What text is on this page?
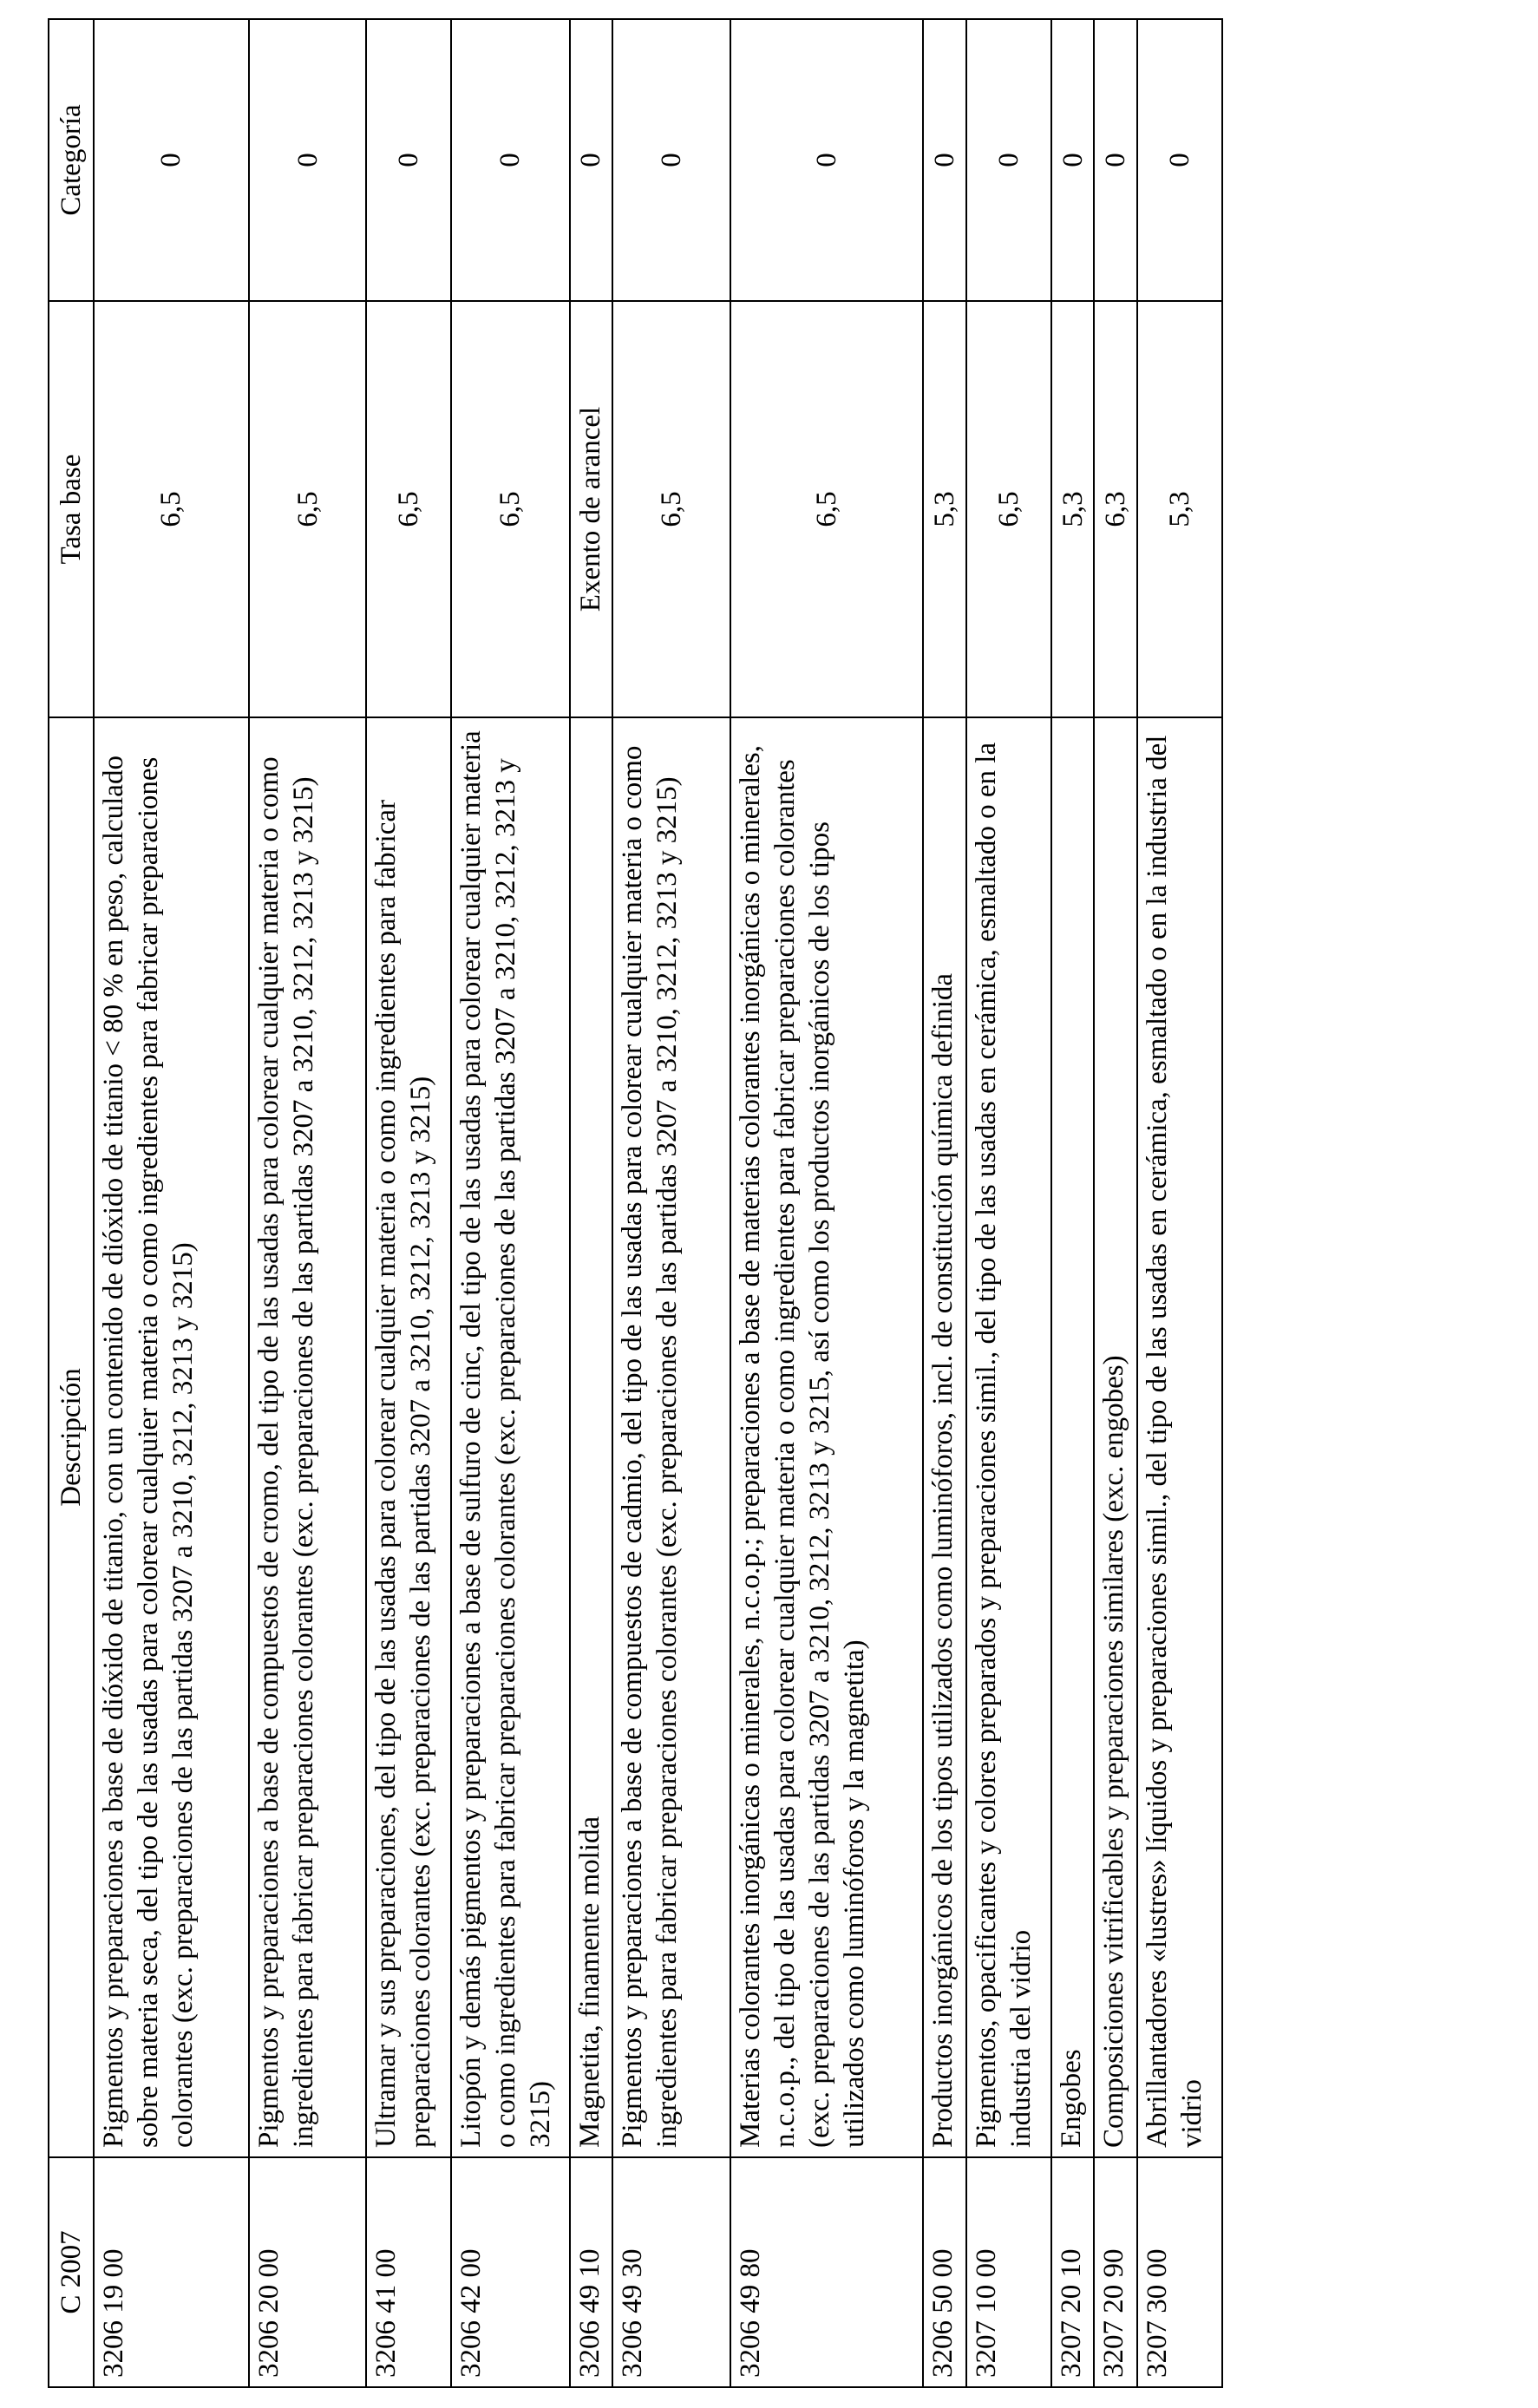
C 2007	Descripción	Tasa base	Categoría
3206 19 00	Pigmentos y preparaciones a base de dióxido de titanio, con un contenido de dióxido de titanio < 80 % en peso, calculado sobre materia seca, del tipo de las usadas para colorear cualquier materia o como ingredientes para fabricar preparaciones colorantes (exc. preparaciones de las partidas 3207 a 3210, 3212, 3213 y 3215)	6,5	0
3206 20 00	Pigmentos y preparaciones a base de compuestos de cromo, del tipo de las usadas para colorear cualquier materia o como ingredientes para fabricar preparaciones colorantes (exc. preparaciones de las partidas 3207 a 3210, 3212, 3213 y 3215)	6,5	0
3206 41 00	Ultramar y sus preparaciones, del tipo de las usadas para colorear cualquier materia o como ingredientes para fabricar preparaciones colorantes (exc. preparaciones de las partidas 3207 a 3210, 3212, 3213 y 3215)	6,5	0
3206 42 00	Litopón y demás pigmentos y preparaciones a base de sulfuro de cinc, del tipo de las usadas para colorear cualquier materia o como ingredientes para fabricar preparaciones colorantes (exc. preparaciones de las partidas 3207 a 3210, 3212, 3213 y 3215)	6,5	0
3206 49 10	Magnetita, finamente molida	Exento de arancel	0
3206 49 30	Pigmentos y preparaciones a base de compuestos de cadmio, del tipo de las usadas para colorear cualquier materia o como ingredientes para fabricar preparaciones colorantes (exc. preparaciones de las partidas 3207 a 3210, 3212, 3213 y 3215)	6,5	0
3206 49 80	Materias colorantes inorgánicas o minerales, n.c.o.p.; preparaciones a base de materias colorantes inorgánicas o minerales, n.c.o.p., del tipo de las usadas para colorear cualquier materia o como ingredientes para fabricar preparaciones colorantes (exc. preparaciones de las partidas 3207 a 3210, 3212, 3213 y 3215, así como los productos inorgánicos de los tipos utilizados como luminóforos y la magnetita)	6,5	0
3206 50 00	Productos inorgánicos de los tipos utilizados como luminóforos, incl. de constitución química definida	5,3	0
3207 10 00	Pigmentos, opacificantes y colores preparados y preparaciones simil., del tipo de las usadas en cerámica, esmaltado o en la industria del vidrio	6,5	0
3207 20 10	Engobes	5,3	0
3207 20 90	Composiciones vitrificables y preparaciones similares (exc. engobes)	6,3	0
3207 30 00	Abrillantadores «lustres» líquidos y preparaciones simil., del tipo de las usadas en cerámica, esmaltado o en la industria del vidrio	5,3	0
